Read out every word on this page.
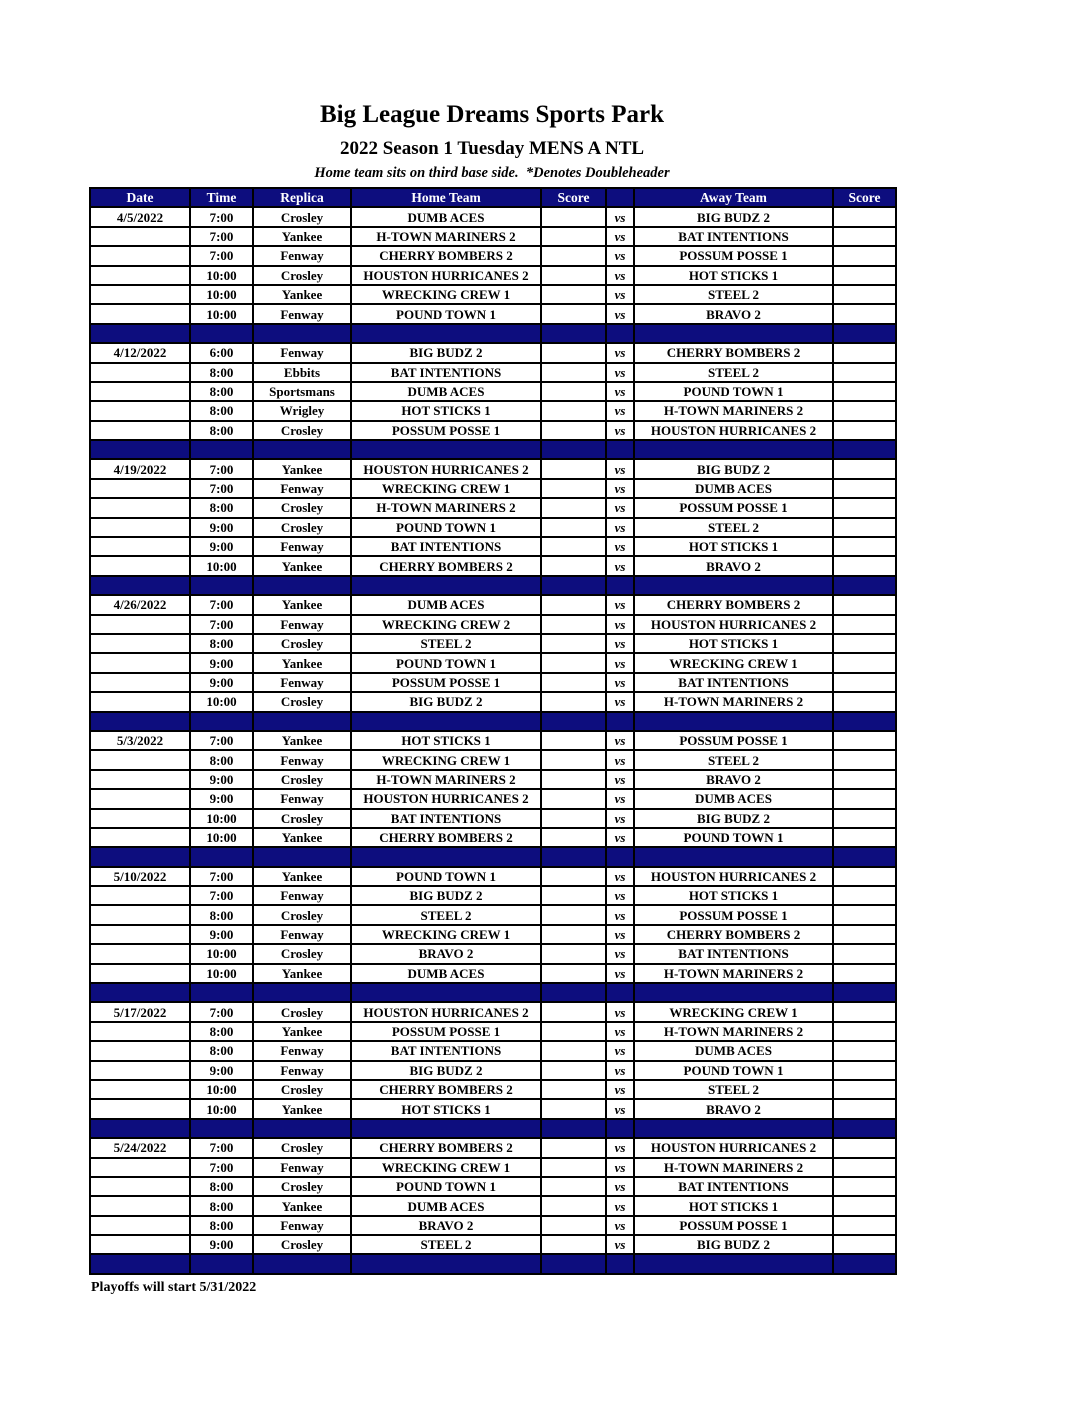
Big League Dreams Sports Park
2022 Season 1 Tuesday MENS A NTL
Home team sits on third base side.  *Denotes Doubleheader
Date	Time	Replica	Home Team	Score		Away Team	Score
4/5/2022	7:00	Crosley	DUMB ACES		vs	BIG BUDZ 2	
	7:00	Yankee	H-TOWN MARINERS 2		vs	BAT INTENTIONS	
	7:00	Fenway	CHERRY BOMBERS 2		vs	POSSUM POSSE 1	
	10:00	Crosley	HOUSTON HURRICANES 2		vs	HOT STICKS 1	
	10:00	Yankee	WRECKING CREW 1		vs	STEEL 2	
	10:00	Fenway	POUND TOWN 1		vs	BRAVO 2	

4/12/2022	6:00	Fenway	BIG BUDZ 2		vs	CHERRY BOMBERS 2	
	8:00	Ebbits	BAT INTENTIONS		vs	STEEL 2	
	8:00	Sportsmans	DUMB ACES		vs	POUND TOWN 1	
	8:00	Wrigley	HOT STICKS 1		vs	H-TOWN MARINERS 2	
	8:00	Crosley	POSSUM POSSE 1		vs	HOUSTON HURRICANES 2	

4/19/2022	7:00	Yankee	HOUSTON HURRICANES 2		vs	BIG BUDZ 2	
	7:00	Fenway	WRECKING CREW 1		vs	DUMB ACES	
	8:00	Crosley	H-TOWN MARINERS 2		vs	POSSUM POSSE 1	
	9:00	Crosley	POUND TOWN 1		vs	STEEL 2	
	9:00	Fenway	BAT INTENTIONS		vs	HOT STICKS 1	
	10:00	Yankee	CHERRY BOMBERS 2		vs	BRAVO 2	

4/26/2022	7:00	Yankee	DUMB ACES		vs	CHERRY BOMBERS 2	
	7:00	Fenway	WRECKING CREW 2		vs	HOUSTON HURRICANES 2	
	8:00	Crosley	STEEL 2		vs	HOT STICKS 1	
	9:00	Yankee	POUND TOWN 1		vs	WRECKING CREW 1	
	9:00	Fenway	POSSUM POSSE 1		vs	BAT INTENTIONS	
	10:00	Crosley	BIG BUDZ 2		vs	H-TOWN MARINERS 2	

5/3/2022	7:00	Yankee	HOT STICKS 1		vs	POSSUM POSSE 1	
	8:00	Fenway	WRECKING CREW 1		vs	STEEL 2	
	9:00	Crosley	H-TOWN MARINERS 2		vs	BRAVO 2	
	9:00	Fenway	HOUSTON HURRICANES 2		vs	DUMB ACES	
	10:00	Crosley	BAT INTENTIONS		vs	BIG BUDZ 2	
	10:00	Yankee	CHERRY BOMBERS 2		vs	POUND TOWN 1	

5/10/2022	7:00	Yankee	POUND TOWN 1		vs	HOUSTON HURRICANES 2	
	7:00	Fenway	BIG BUDZ 2		vs	HOT STICKS 1	
	8:00	Crosley	STEEL 2		vs	POSSUM POSSE 1	
	9:00	Fenway	WRECKING CREW 1		vs	CHERRY BOMBERS 2	
	10:00	Crosley	BRAVO 2		vs	BAT INTENTIONS	
	10:00	Yankee	DUMB ACES		vs	H-TOWN MARINERS 2	

5/17/2022	7:00	Crosley	HOUSTON HURRICANES 2		vs	WRECKING CREW 1	
	8:00	Yankee	POSSUM POSSE 1		vs	H-TOWN MARINERS 2	
	8:00	Fenway	BAT INTENTIONS		vs	DUMB ACES	
	9:00	Fenway	BIG BUDZ 2		vs	POUND TOWN 1	
	10:00	Crosley	CHERRY BOMBERS 2		vs	STEEL 2	
	10:00	Yankee	HOT STICKS 1		vs	BRAVO 2	

5/24/2022	7:00	Crosley	CHERRY BOMBERS 2		vs	HOUSTON HURRICANES 2	
	7:00	Fenway	WRECKING CREW 1		vs	H-TOWN MARINERS 2	
	8:00	Crosley	POUND TOWN 1		vs	BAT INTENTIONS	
	8:00	Yankee	DUMB ACES		vs	HOT STICKS 1	
	8:00	Fenway	BRAVO 2		vs	POSSUM POSSE 1	
	9:00	Crosley	STEEL 2		vs	BIG BUDZ 2	

Playoffs will start 5/31/2022
